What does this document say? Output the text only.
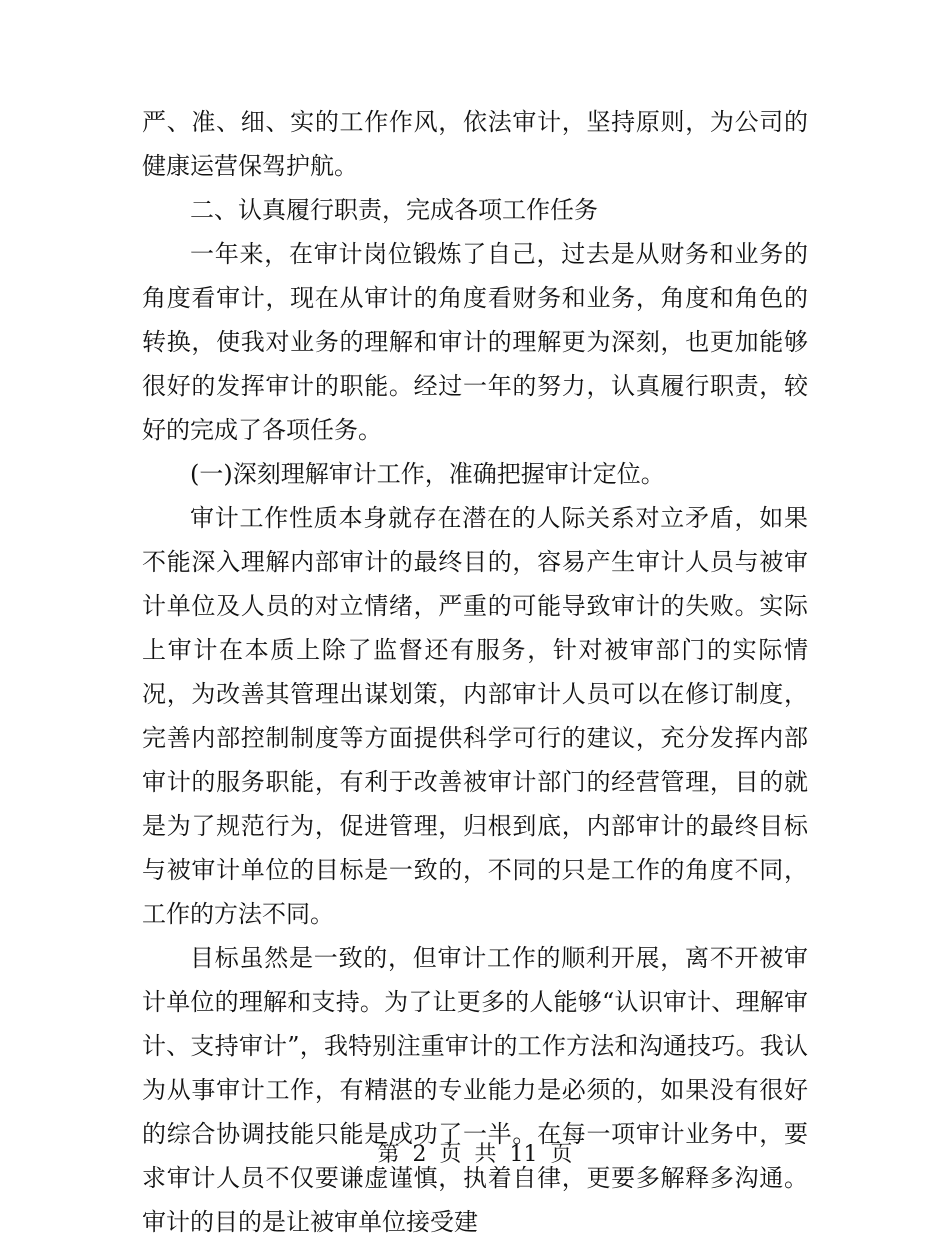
严、准、细、实的工作作风，依法审计，坚持原则，为公司的健康运营保驾护航。

二、认真履行职责，完成各项工作任务

一年来，在审计岗位锻炼了自己，过去是从财务和业务的角度看审计，现在从审计的角度看财务和业务，角度和角色的转换，使我对业务的理解和审计的理解更为深刻，也更加能够很好的发挥审计的职能。经过一年的努力，认真履行职责，较好的完成了各项任务。

(一)深刻理解审计工作，准确把握审计定位。

审计工作性质本身就存在潜在的人际关系对立矛盾，如果不能深入理解内部审计的最终目的，容易产生审计人员与被审计单位及人员的对立情绪，严重的可能导致审计的失败。实际上审计在本质上除了监督还有服务，针对被审部门的实际情况，为改善其管理出谋划策，内部审计人员可以在修订制度，完善内部控制制度等方面提供科学可行的建议，充分发挥内部审计的服务职能，有利于改善被审计部门的经营管理，目的就是为了规范行为，促进管理，归根到底，内部审计的最终目标与被审计单位的目标是一致的，不同的只是工作的角度不同，工作的方法不同。

目标虽然是一致的，但审计工作的顺利开展，离不开被审计单位的理解和支持。为了让更多的人能够“认识审计、理解审计、支持审计”，我特别注重审计的工作方法和沟通技巧。我认为从事审计工作，有精湛的专业能力是必须的，如果没有很好的综合协调技能只能是成功了一半。在每一项审计业务中，要求审计人员不仅要谦虚谨慎，执着自律，更要多解释多沟通。审计的目的是让被审单位接受建

第 2 页 共 11 页
